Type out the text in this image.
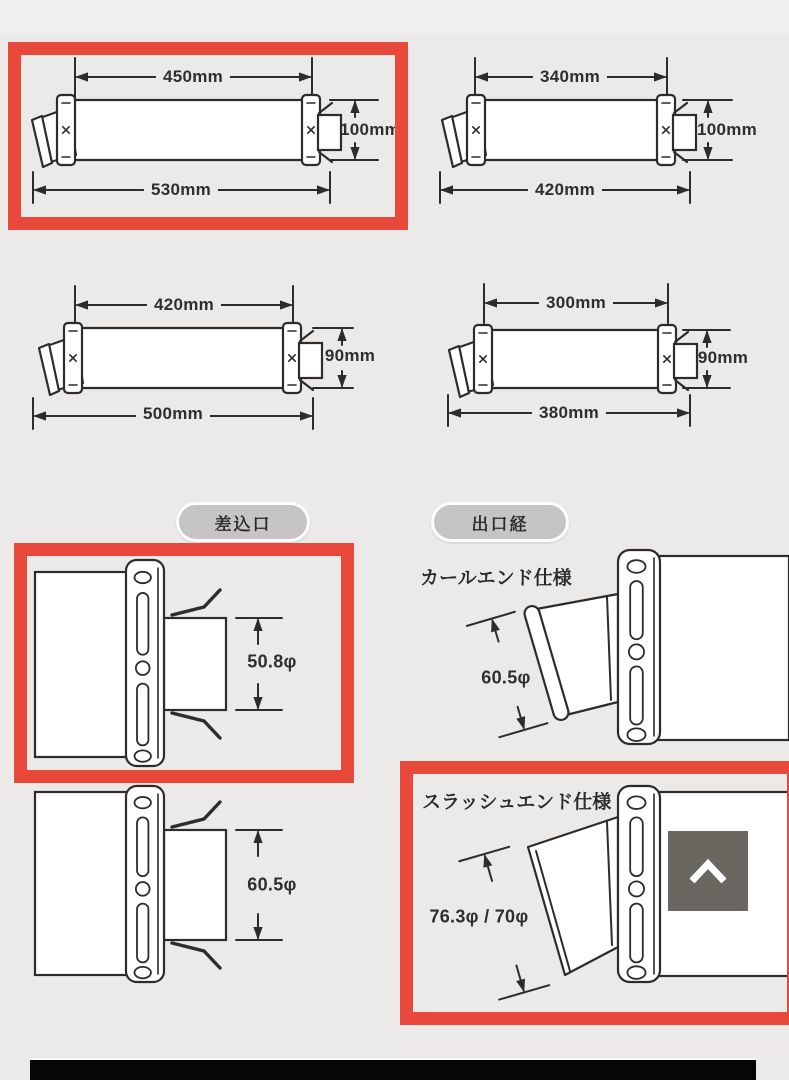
450mm
530mm
100mm
340mm
420mm
100mm
420mm
500mm
90mm
300mm
380mm
90mm
差込口	出口経
50.8φ
60.5φ
カールエンド仕様
60.5φ
スラッシュエンド仕様
76.3φ / 70φ
